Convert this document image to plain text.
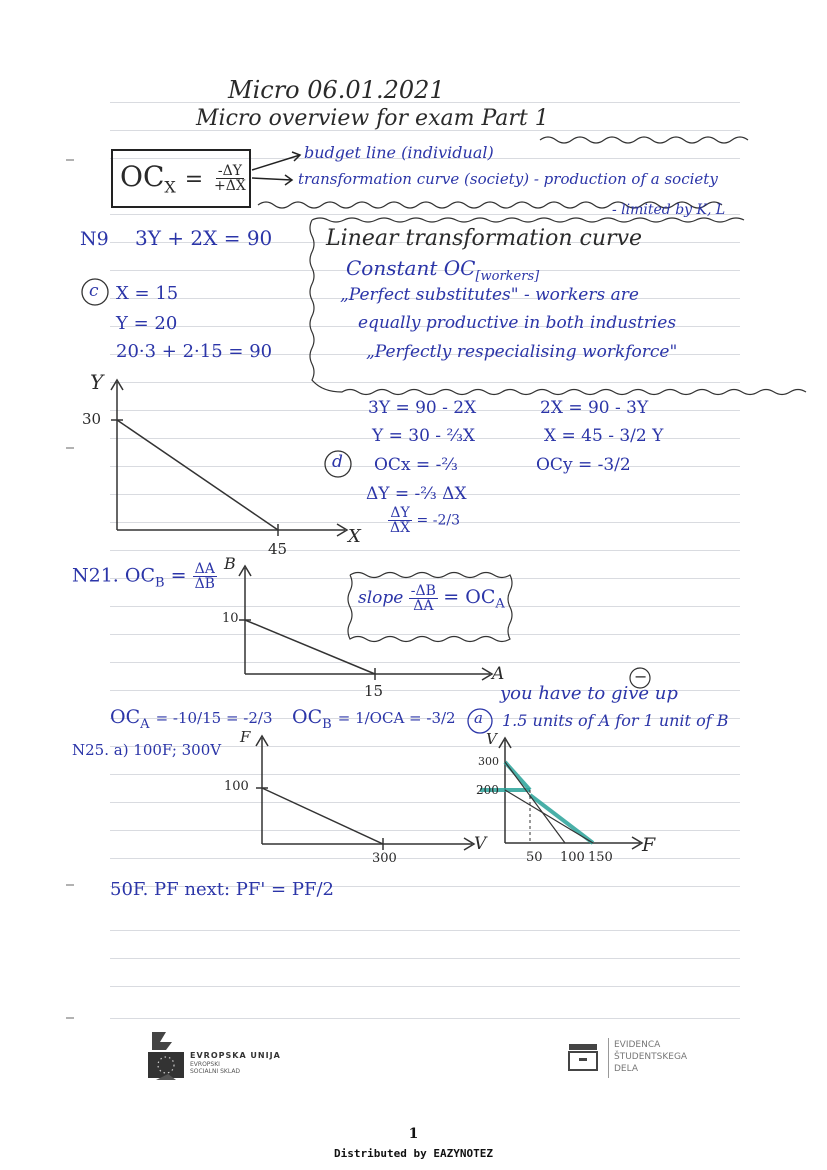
Micro 06.01.2021
Micro overview for exam Part 1
$OC_X = \frac{-\Delta Y}{+\Delta X}$
budget line (individual)
transformation curve (society) - production of a society
- limited by K, L
N9 3Y + 2X = 90
c X = 15
Y = 20
20·3 + 2·15 = 90
Linear transformation curve
Constant $OC_{[workers]}$
„Perfect substitutes" - workers are
equally productive in both industries
„Perfectly respecialising workforce"
Y
30
X
45
3Y = 90 - 2X	2X = 90 - 3Y
Y = 30 - ⅔X	X = 45 - 3/2 Y
d OCx = -⅔	OCy = -3/2
ΔY = -⅔ ΔX
$\frac{\Delta Y}{\Delta X} = -2/3$
N21. $OC_B = \frac{\Delta A}{\Delta B}$
slope $\frac{-\Delta B}{\Delta A} = OC_A$
B
10
A
15
$OC_A = -10/15 = -2/3$ $OC_B = 1/OCA = -3/2$
−
you have to give up
1.5 units of A for 1 unit of B
N25. a) 100F; 300V
F
100
V
300
a
V
300
200
F
50 100 150
50F. PF next: PF' = PF/2
EVROPSKA UNIJA
EVROPSKI
SOCIALNI SKLAD
EVIDENCA
ŠTUDENTSKEGA
DELA
1
Distributed by EAZYNOTEZ
